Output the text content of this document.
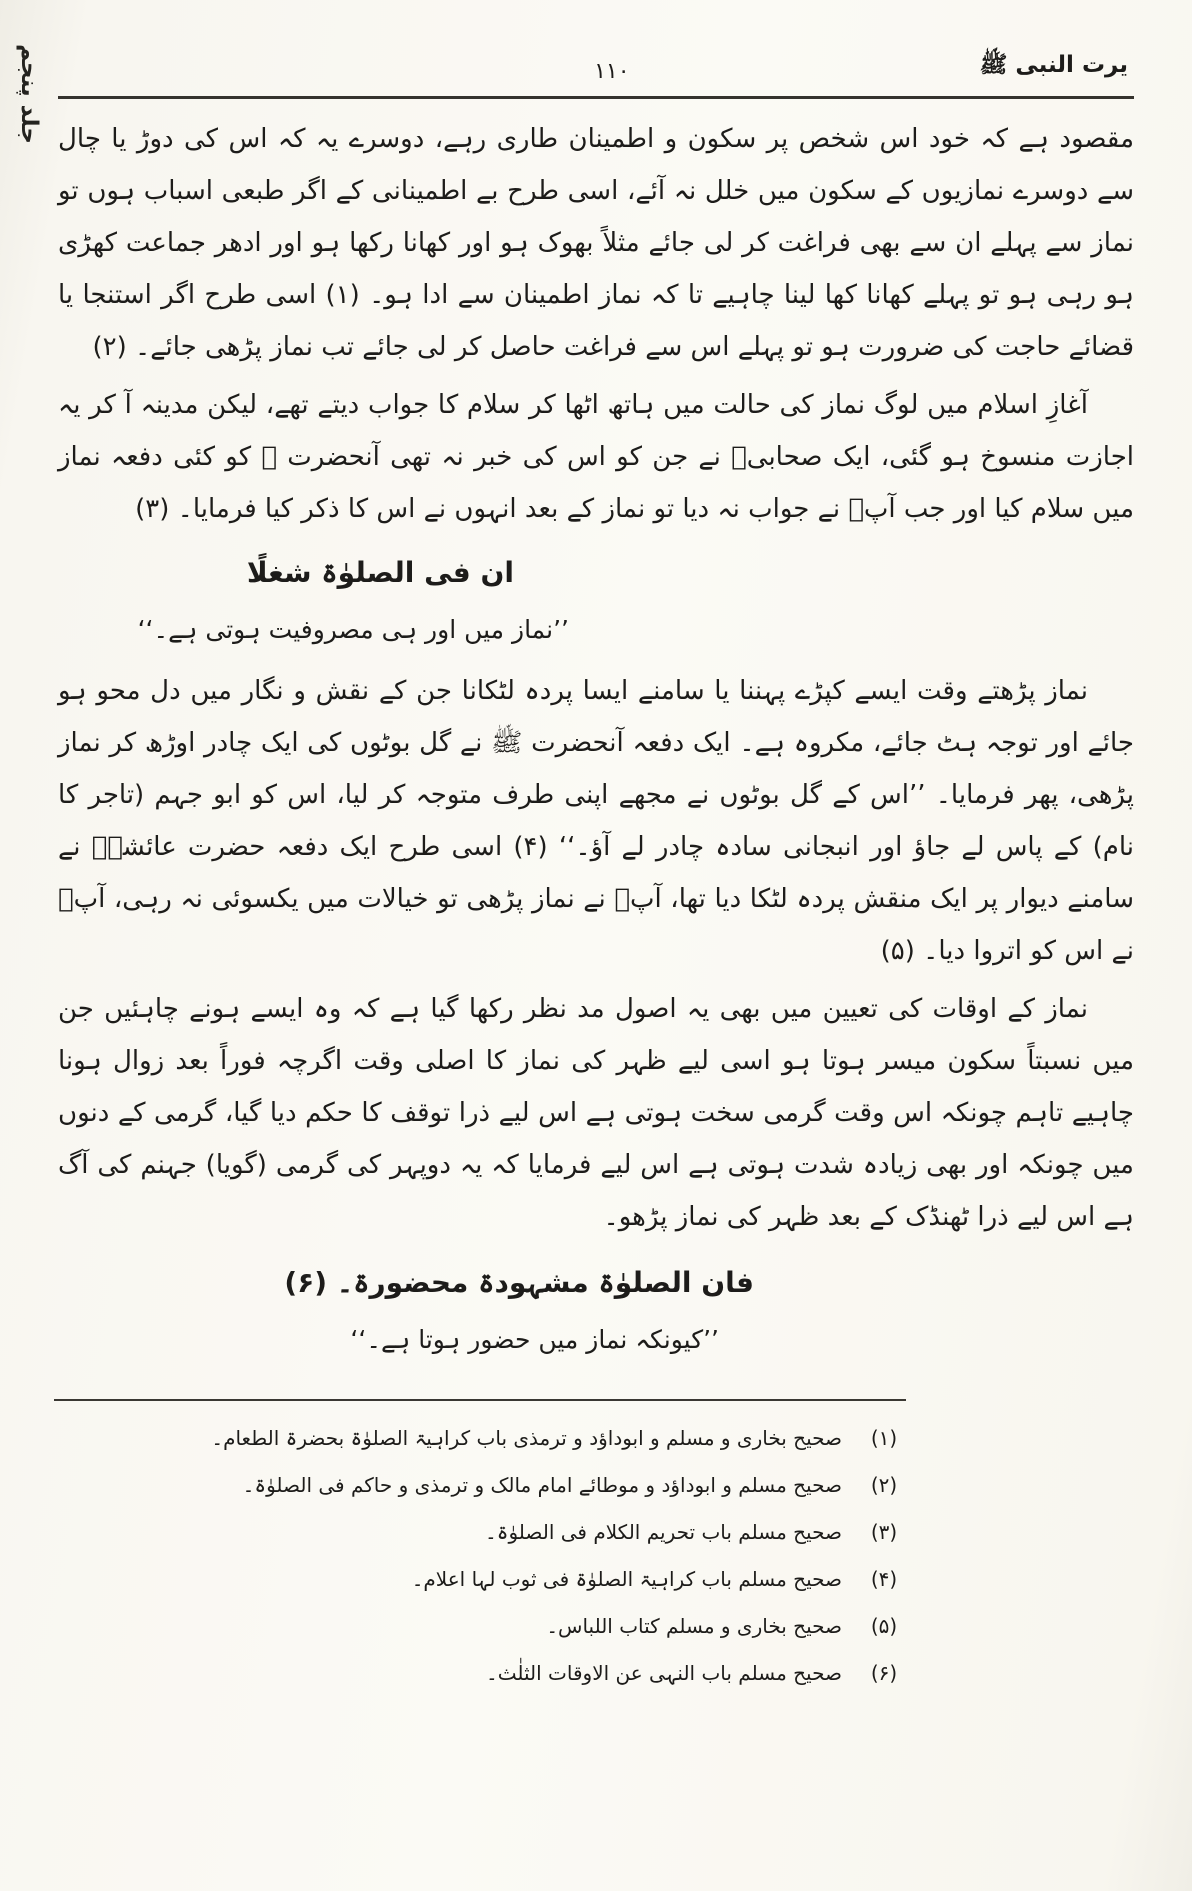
جلد پنجم	یرت النبی ﷺ
۱۱۰

مقصود ہے کہ خود اس شخص پر سکون و اطمینان طاری رہے، دوسرے یہ کہ اس کی دوڑ یا چال سے دوسرے نمازیوں کے سکون میں خلل نہ آئے، اسی طرح بے اطمینانی کے اگر طبعی اسباب ہوں تو نماز سے پہلے ان سے بھی فراغت کر لی جائے مثلاً بھوک ہو اور کھانا رکھا ہو اور ادھر جماعت کھڑی ہو رہی ہو تو پہلے کھانا کھا لینا چاہیے تا کہ نماز اطمینان سے ادا ہو۔ (۱) اسی طرح اگر استنجا یا قضائے حاجت کی ضرورت ہو تو پہلے اس سے فراغت حاصل کر لی جائے تب نماز پڑھی جائے۔ (۲)

آغازِ اسلام میں لوگ نماز کی حالت میں ہاتھ اٹھا کر سلام کا جواب دیتے تھے، لیکن مدینہ آ کر یہ اجازت منسوخ ہو گئی، ایک صحابیؓ نے جن کو اس کی خبر نہ تھی آنحضرت ﷺ کو کئی دفعہ نماز میں سلام کیا اور جب آپؐ نے جواب نہ دیا تو نماز کے بعد انہوں نے اس کا ذکر کیا فرمایا۔ (۳)

ان فی الصلوٰۃ شغلًا
’’نماز میں اور ہی مصروفیت ہوتی ہے۔‘‘

نماز پڑھتے وقت ایسے کپڑے پہننا یا سامنے ایسا پردہ لٹکانا جن کے نقش و نگار میں دل محو ہو جائے اور توجہ ہٹ جائے، مکروہ ہے۔ ایک دفعہ آنحضرت ﷺ نے گل بوٹوں کی ایک چادر اوڑھ کر نماز پڑھی، پھر فرمایا۔ ’’اس کے گل بوٹوں نے مجھے اپنی طرف متوجہ کر لیا، اس کو ابو جہم (تاجر کا نام) کے پاس لے جاؤ اور انبجانی سادہ چادر لے آؤ۔‘‘ (۴) اسی طرح ایک دفعہ حضرت عائشہؓ نے سامنے دیوار پر ایک منقش پردہ لٹکا دیا تھا، آپؐ نے نماز پڑھی تو خیالات میں یکسوئی نہ رہی، آپؐ نے اس کو اتروا دیا۔ (۵)

نماز کے اوقات کی تعیین میں بھی یہ اصول مد نظر رکھا گیا ہے کہ وہ ایسے ہونے چاہئیں جن میں نسبتاً سکون میسر ہوتا ہو اسی لیے ظہر کی نماز کا اصلی وقت اگرچہ فوراً بعد زوال ہونا چاہیے تاہم چونکہ اس وقت گرمی سخت ہوتی ہے اس لیے ذرا توقف کا حکم دیا گیا، گرمی کے دنوں میں چونکہ اور بھی زیادہ شدت ہوتی ہے اس لیے فرمایا کہ یہ دوپہر کی گرمی (گویا) جہنم کی آگ ہے اس لیے ذرا ٹھنڈک کے بعد ظہر کی نماز پڑھو۔

فان الصلوٰۃ مشہودۃ محضورۃ۔ (۶)
’’کیونکہ نماز میں حضور ہوتا ہے۔‘‘
(۱)
صحیح بخاری و مسلم و ابوداؤد و ترمذی باب کراہیۃ الصلوٰۃ بحضرۃ الطعام۔
(۲)
صحیح مسلم و ابوداؤد و موطائے امام مالک و ترمذی و حاکم فی الصلوٰۃ۔
(۳)
صحیح مسلم باب تحریم الکلام فی الصلوٰۃ۔
(۴)
صحیح مسلم باب کراہیۃ الصلوٰۃ فی ثوب لہا اعلام۔
(۵)
صحیح بخاری و مسلم کتاب اللباس۔
(۶)
صحیح مسلم باب النہی عن الاوقات الثلٰث۔
